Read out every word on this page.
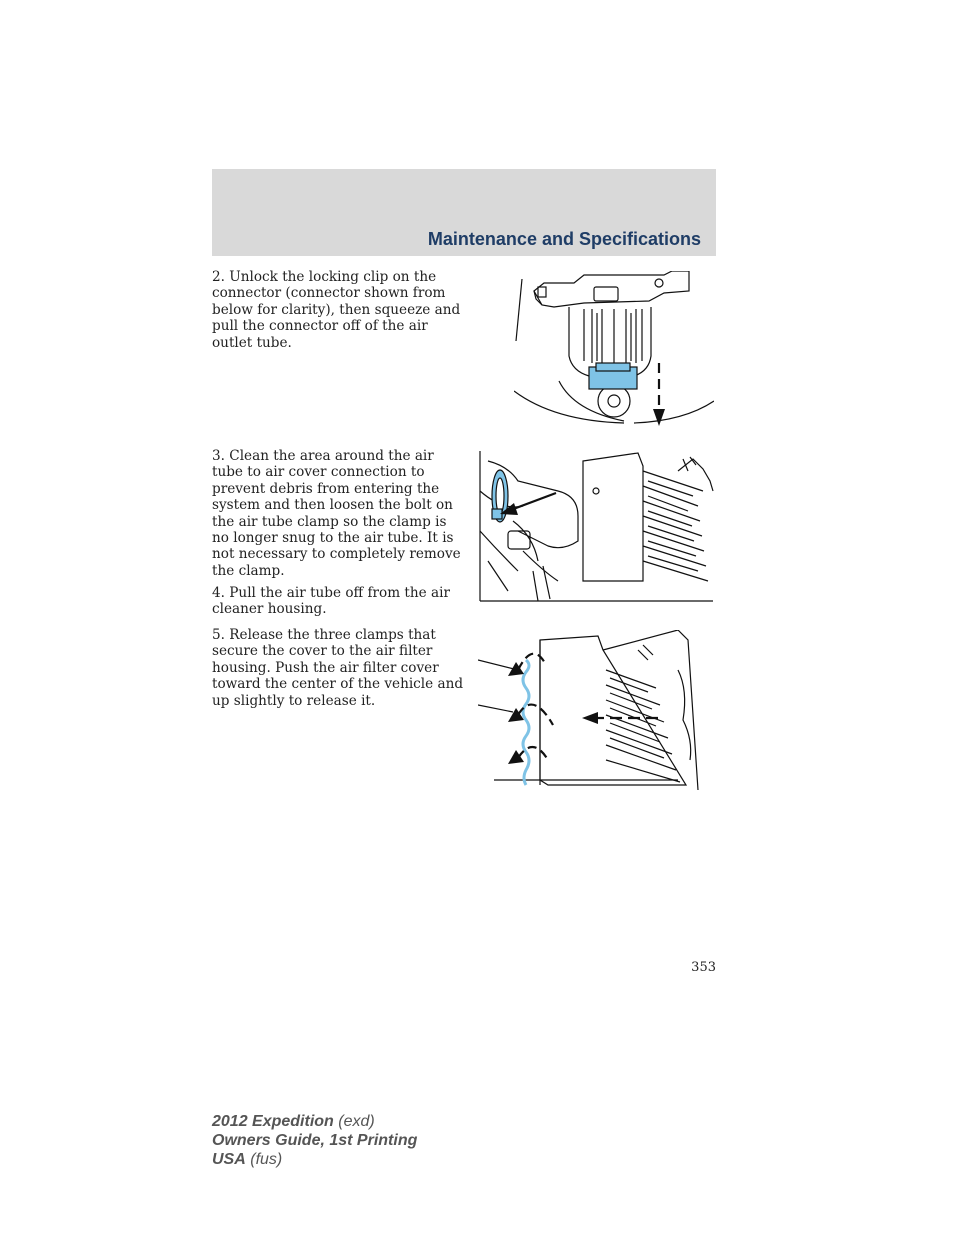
Maintenance and Specifications
2. Unlock the locking clip on the connector (connector shown from below for clarity), then squeeze and pull the connector off of the air outlet tube.
3. Clean the area around the air tube to air cover connection to prevent debris from entering the system and then loosen the bolt on the air tube clamp so the clamp is no longer snug to the air tube. It is not necessary to completely remove the clamp.
4. Pull the air tube off from the air cleaner housing.
5. Release the three clamps that secure the cover to the air filter housing. Push the air filter cover toward the center of the vehicle and up slightly to release it.
353
2012 Expedition (exd)
Owners Guide, 1st Printing
USA (fus)
